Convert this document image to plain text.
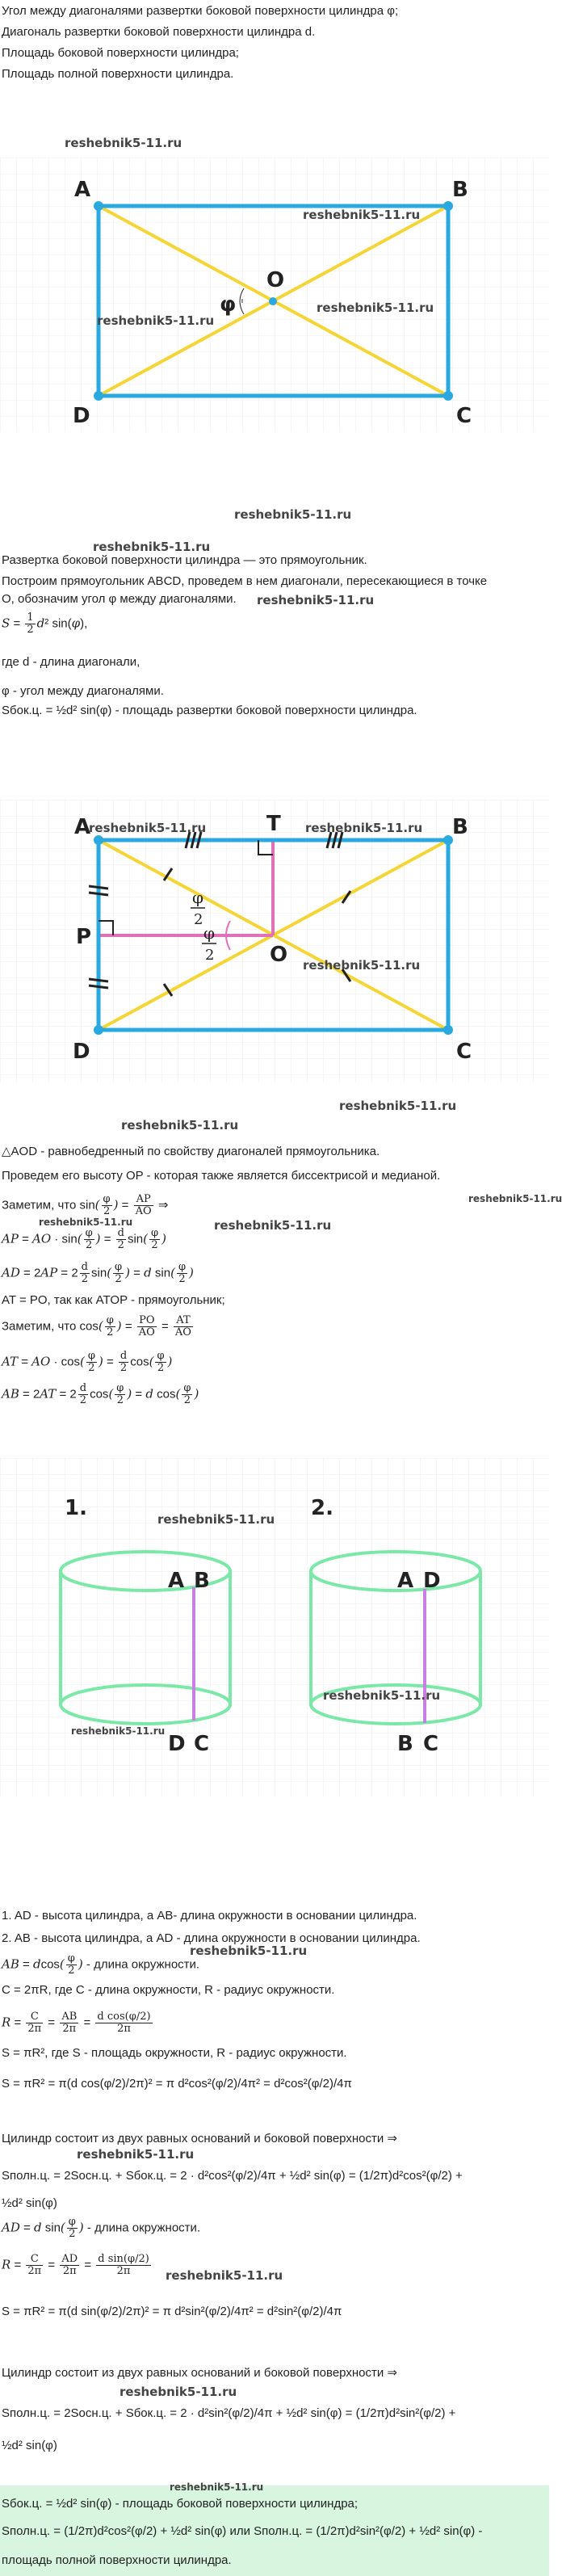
Угол между диагоналями развертки боковой поверхности цилиндра φ;
Диагональ развертки боковой поверхности цилиндра d.
Площадь боковой поверхности цилиндра;
Площадь полной поверхности цилиндра.
A	B
C
D
O
φ
reshebnik5-11.ru
reshebnik5-11.ru
reshebnik5-11.ru
reshebnik5-11.ru
reshebnik5-11.ru
reshebnik5-11.ru
Развертка боковой поверхности цилиндра — это прямоугольник.
Построим прямоугольник ABCD, проведем в нем диагонали, пересекающиеся в точке
O, обозначим угол φ между диагоналями.
$S = \frac{1}{2} d^2$ sin(φ),
где d - длина диагонали,
φ - угол между диагоналями.
Sбок.ц. = ½d² sin(φ) - площадь развертки боковой поверхности цилиндра.
reshebnik5-11.ru
A	B
C
D
O
T
P
φ
2
φ
2
reshebnik5-11.ru	reshebnik5-11.ru
reshebnik5-11.ru
reshebnik5-11.ru
reshebnik5-11.ru
△AOD - равнобедренный по свойству диагоналей прямоугольника.
Проведем его высоту OP - которая также является биссектрисой и медианой.
reshebnik5-11.ru
Заметим, что $\sin( \frac{\varphi}{2}$ ) = $\frac{AP}{AO}$ ⇒
reshebnik5-11.ru	reshebnik5-11.ru
AP = AO · $\sin( \frac{\varphi}{2}$ ) = $\frac{d}{2} \sin( \frac{\varphi}{2}$ )
AD = $2AP = 2 \frac{d}{2} \sin( \frac{\varphi}{2}$ ) = d $\sin( \frac{\varphi}{2}$ )
AT = PO, так как ATOP - прямоугольник;
Заметим, что $\cos( \frac{\varphi}{2}$ ) = $\frac{PO}{AO} = \frac{AT}{AO}$
AT = AO · $\cos( \frac{\varphi}{2}$ ) = $\frac{d}{2} \cos( \frac{\varphi}{2}$ )
AB = $2AT = 2 \frac{d}{2} \cos( \frac{\varphi}{2}$ ) = d $\cos( \frac{\varphi}{2}$ )
1.	2.
A B
D C
A D
B C
reshebnik5-11.ru
reshebnik5-11.ru
reshebnik5-11.ru
1. AD - высота цилиндра, а AB- длина окружности в основании цилиндра.
2. AB - высота цилиндра, а AD - длина окружности в основании цилиндра.
reshebnik5-11.ru
AB = $dcos( \frac{\varphi}{2}$ ) - длина окружности.
C = 2πR, где C - длина окружности, R - радиус окружности.
$R = \frac{C}{2\pi} = \frac{AB}{2\pi} = \frac{\text{d cos(φ/2)}}{2\pi}$
S = πR², где S - площадь окружности, R - радиус окружности.
S = πR² = π(d cos(φ/2)/2π)² = π d²cos²(φ/2)/4π² = d²cos²(φ/2)/4π
Цилиндр состоит из двух равных оснований и боковой поверхности ⇒
reshebnik5-11.ru
Sполн.ц. = 2Sосн.ц. + Sбок.ц. = 2 · d²cos²(φ/2)/4π + ½d² sin(φ) = (1/2π)d²cos²(φ/2) +
½d² sin(φ)
AD = d $\sin( \frac{\varphi}{2}$ ) - длина окружности.
$R = \frac{C}{2\pi} = \frac{AD}{2\pi} = \frac{\text{d sin(φ/2)}}{2\pi}$ reshebnik5-11.ru
S = πR² = π(d sin(φ/2)/2π)² = π d²sin²(φ/2)/4π² = d²sin²(φ/2)/4π
Цилиндр состоит из двух равных оснований и боковой поверхности ⇒
reshebnik5-11.ru
Sполн.ц. = 2Sосн.ц. + Sбок.ц. = 2 · d²sin²(φ/2)/4π + ½d² sin(φ) = (1/2π)d²sin²(φ/2) +
½d² sin(φ)
Sбок.ц. = ½d² sin(φ) - площадь боковой поверхности цилиндра;
reshebnik5-11.ru
Sполн.ц. = (1/2π)d²cos²(φ/2) + ½d² sin(φ) или Sполн.ц. = (1/2π)d²sin²(φ/2) + ½d² sin(φ) -
площадь полной поверхности цилиндра.
